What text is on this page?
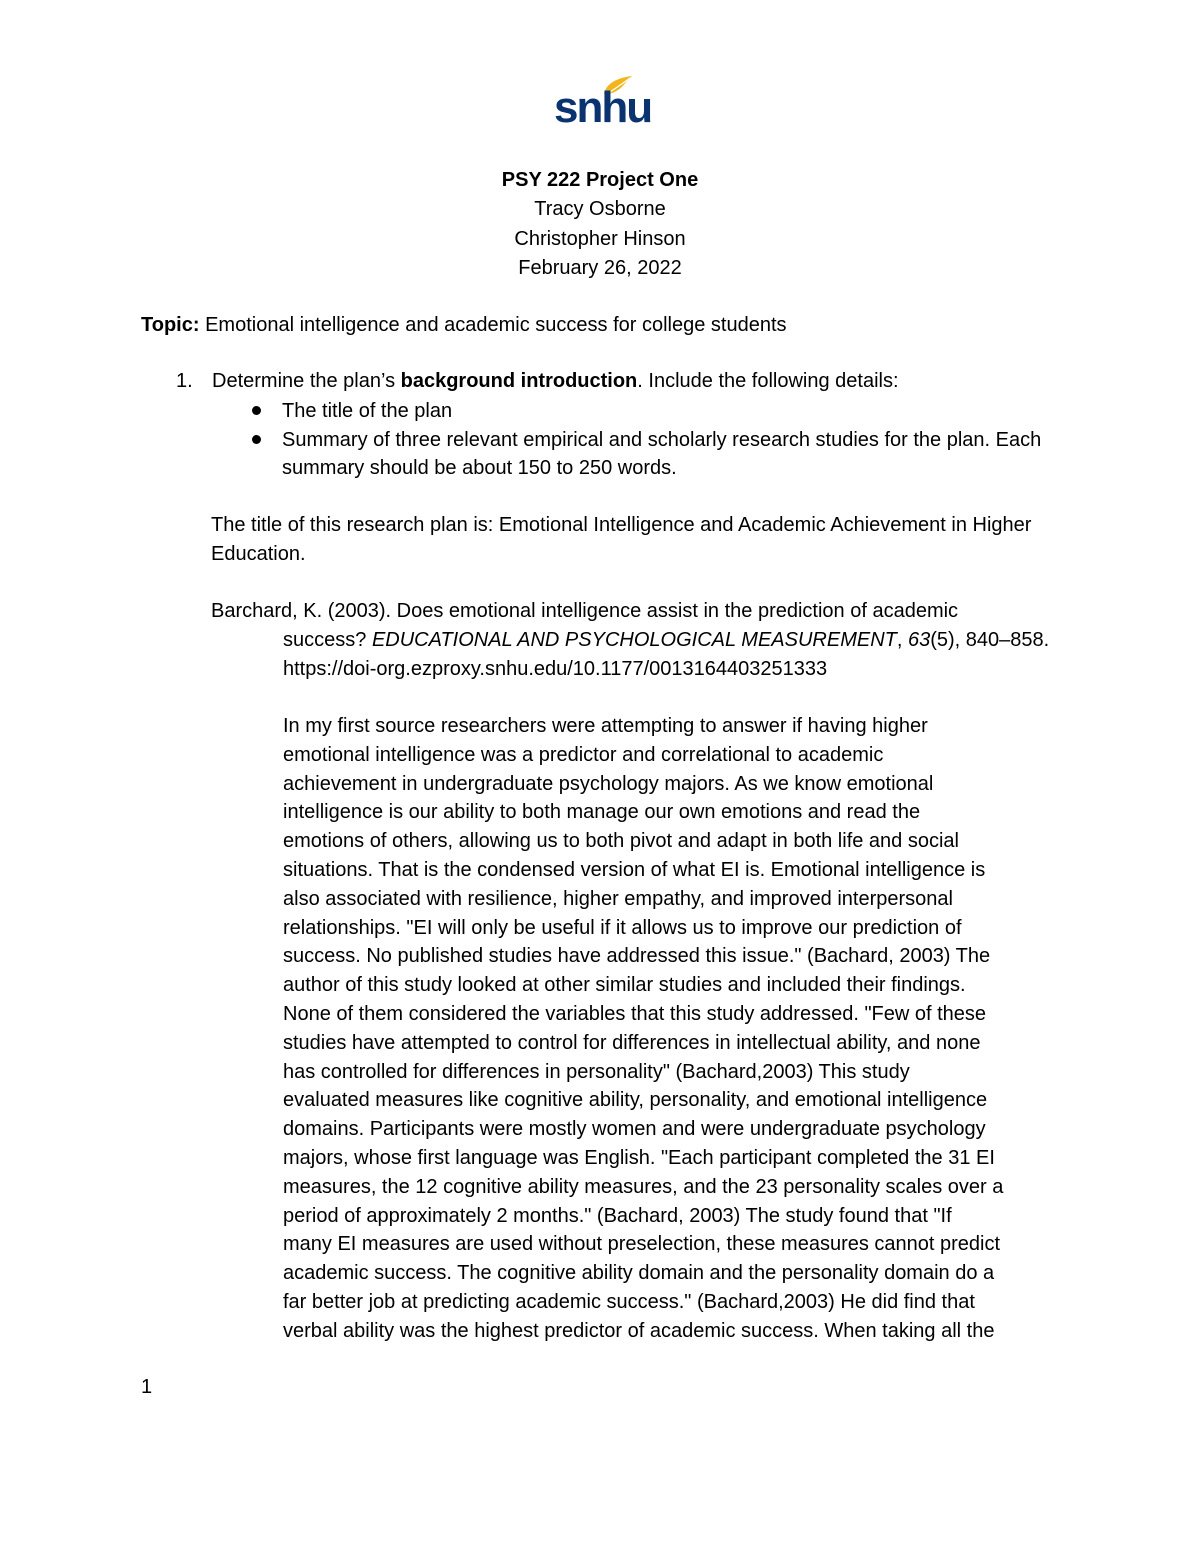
snhu
PSY 222 Project One
Tracy Osborne
Christopher Hinson
February 26, 2022
Topic: Emotional intelligence and academic success for college students
1. Determine the plan’s background introduction. Include the following details:
The title of the plan
Summary of three relevant empirical and scholarly research studies for the plan. Each summary should be about 150 to 250 words.
The title of this research plan is: Emotional Intelligence and Academic Achievement in Higher Education.
Barchard, K. (2003). Does emotional intelligence assist in the prediction of academic
success? EDUCATIONAL AND PSYCHOLOGICAL MEASUREMENT, 63(5), 840–858.
https://doi-org.ezproxy.snhu.edu/10.1177/0013164403251333
In my first source researchers were attempting to answer if having higher
emotional intelligence was a predictor and correlational to academic
achievement in undergraduate psychology majors. As we know emotional
intelligence is our ability to both manage our own emotions and read the
emotions of others, allowing us to both pivot and adapt in both life and social
situations. That is the condensed version of what EI is. Emotional intelligence is
also associated with resilience, higher empathy, and improved interpersonal
relationships. "EI will only be useful if it allows us to improve our prediction of
success. No published studies have addressed this issue." (Bachard, 2003) The
author of this study looked at other similar studies and included their findings.
None of them considered the variables that this study addressed. "Few of these
studies have attempted to control for differences in intellectual ability, and none
has controlled for differences in personality" (Bachard,2003) This study
evaluated measures like cognitive ability, personality, and emotional intelligence
domains. Participants were mostly women and were undergraduate psychology
majors, whose first language was English. "Each participant completed the 31 EI
measures, the 12 cognitive ability measures, and the 23 personality scales over a
period of approximately 2 months." (Bachard, 2003) The study found that "If
many EI measures are used without preselection, these measures cannot predict
academic success. The cognitive ability domain and the personality domain do a
far better job at predicting academic success." (Bachard,2003) He did find that
verbal ability was the highest predictor of academic success. When taking all the
1
